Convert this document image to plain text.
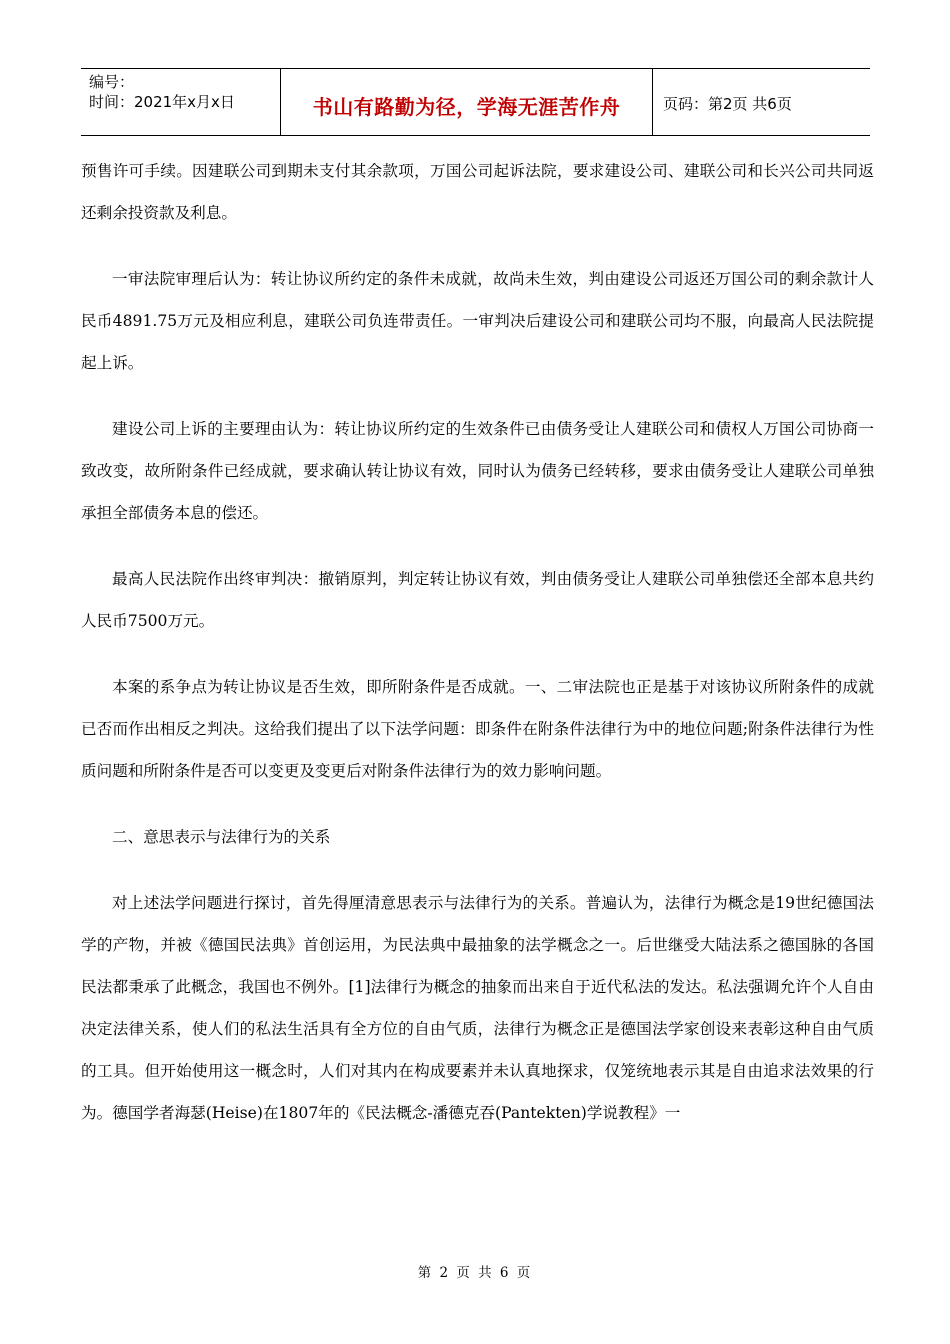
编号：
时间：2021年x月x日	书山有路勤为径，学海无涯苦作舟	页码：第2页 共6页

预售许可手续。因建联公司到期未支付其余款项，万国公司起诉法院，要求建设公司、建联公司和长兴公司共同返还剩余投资款及利息。

一审法院审理后认为：转让协议所约定的条件未成就，故尚未生效，判由建设公司返还万国公司的剩余款计人民币4891.75万元及相应利息，建联公司负连带责任。一审判决后建设公司和建联公司均不服，向最高人民法院提起上诉。

建设公司上诉的主要理由认为：转让协议所约定的生效条件已由债务受让人建联公司和债权人万国公司协商一致改变，故所附条件已经成就，要求确认转让协议有效，同时认为债务已经转移，要求由债务受让人建联公司单独承担全部债务本息的偿还。

最高人民法院作出终审判决：撤销原判，判定转让协议有效，判由债务受让人建联公司单独偿还全部本息共约人民币7500万元。

本案的系争点为转让协议是否生效，即所附条件是否成就。一、二审法院也正是基于对该协议所附条件的成就已否而作出相反之判决。这给我们提出了以下法学问题：即条件在附条件法律行为中的地位问题;附条件法律行为性质问题和所附条件是否可以变更及变更后对附条件法律行为的效力影响问题。

二、意思表示与法律行为的关系

对上述法学问题进行探讨，首先得厘清意思表示与法律行为的关系。普遍认为，法律行为概念是19世纪德国法学的产物，并被《德国民法典》首创运用，为民法典中最抽象的法学概念之一。后世继受大陆法系之德国脉的各国民法都秉承了此概念，我国也不例外。[1]法律行为概念的抽象而出来自于近代私法的发达。私法强调允许个人自由决定法律关系，使人们的私法生活具有全方位的自由气质，法律行为概念正是德国法学家创设来表彰这种自由气质的工具。但开始使用这一概念时，人们对其内在构成要素并未认真地探求，仅笼统地表示其是自由追求法效果的行为。德国学者海瑟(Heise)在1807年的《民法概念-潘德克吞(Pantekten)学说教程》一

第 2 页 共 6 页
